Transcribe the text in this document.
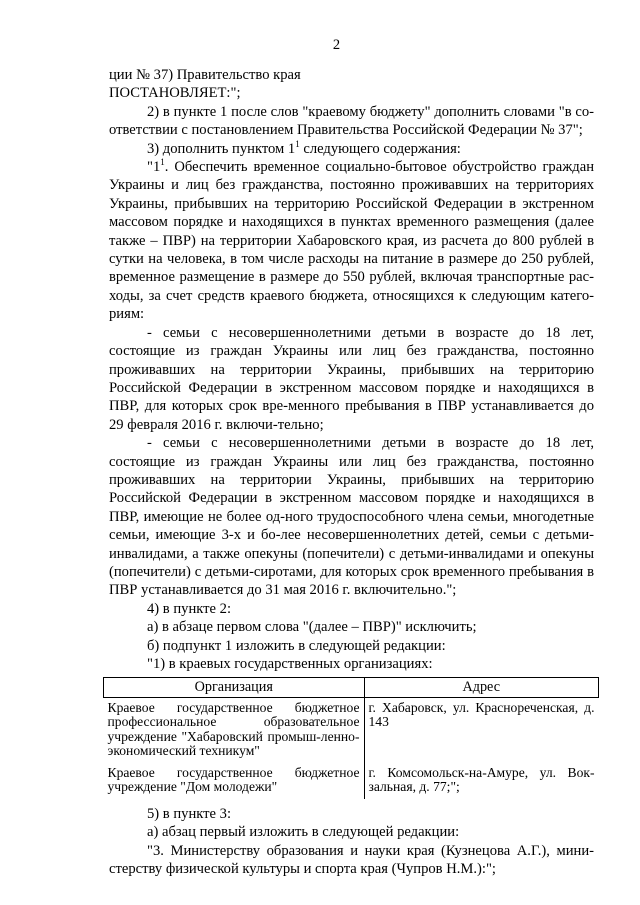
2

ции № 37) Правительство края

ПОСТАНОВЛЯЕТ:";

2) в пункте 1 после слов "краевому бюджету" дополнить словами "в со-ответствии с постановлением Правительства Российской Федерации № 37";

3) дополнить пунктом $1^1$ следующего содержания:

"$1^1$. Обеспечить временное социально-бытовое обустройство граждан Украины и лиц без гражданства, постоянно проживавших на территориях Украины, прибывших на территорию Российской Федерации в экстренном массовом порядке и находящихся в пунктах временного размещения (далее также – ПВР) на территории Хабаровского края, из расчета до 800 рублей в сутки на человека, в том числе расходы на питание в размере до 250 рублей, временное размещение в размере до 550 рублей, включая транспортные рас-ходы, за счет средств краевого бюджета, относящихся к следующим катего-риям:

- семьи с несовершеннолетними детьми в возрасте до 18 лет, состоящие из граждан Украины или лиц без гражданства, постоянно проживавших на территории Украины, прибывших на территорию Российской Федерации в экстренном массовом порядке и находящихся в ПВР, для которых срок вре-менного пребывания в ПВР устанавливается до 29 февраля 2016 г. включи-тельно;

- семьи с несовершеннолетними детьми в возрасте до 18 лет, состоящие из граждан Украины или лиц без гражданства, постоянно проживавших на территории Украины, прибывших на территорию Российской Федерации в экстренном массовом порядке и находящихся в ПВР, имеющие не более од-ного трудоспособного члена семьи, многодетные семьи, имеющие 3-х и бо-лее несовершеннолетних детей, семьи с детьми-инвалидами, а также опекуны (попечители) с детьми-инвалидами и опекуны (попечители) с детьми-сиротами, для которых срок временного пребывания в ПВР устанавливается до 31 мая 2016 г. включительно.";

4) в пункте 2:

а) в абзаце первом слова "(далее – ПВР)" исключить;

б) подпункт 1 изложить в следующей редакции:

"1) в краевых государственных организациях:

Организация	Адрес
Краевое государственное бюджетное профессиональное образовательное учреждение "Хабаровский промыш-ленно-экономический техникум"	г. Хабаровск, ул. Краснореченская, д. 143
Краевое государственное бюджетное учреждение "Дом молодежи"	г. Комсомольск-на-Амуре, ул. Вок-зальная, д. 77;";

5) в пункте 3:

а) абзац первый изложить в следующей редакции:

"3. Министерству образования и науки края (Кузнецова А.Г.), мини-стерству физической культуры и спорта края (Чупров Н.М.):";
